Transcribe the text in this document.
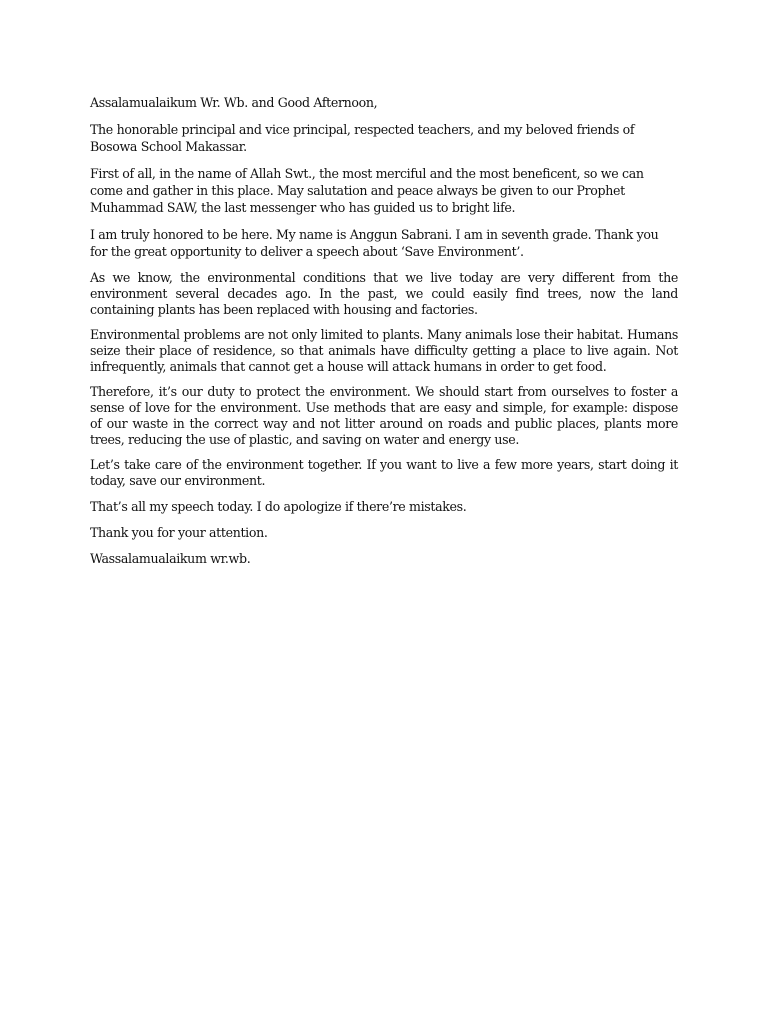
Assalamualaikum Wr. Wb. and Good Afternoon,

The honorable principal and vice principal, respected teachers, and my beloved friends of Bosowa School Makassar.

First of all, in the name of Allah Swt., the most merciful and the most beneficent, so we can come and gather in this place. May salutation and peace always be given to our Prophet Muhammad SAW, the last messenger who has guided us to bright life.

I am truly honored to be here. My name is Anggun Sabrani. I am in seventh grade. Thank you for the great opportunity to deliver a speech about ‘Save Environment’.

As we know, the environmental conditions that we live today are very different from the environment several decades ago. In the past, we could easily find trees, now the land containing plants has been replaced with housing and factories.

Environmental problems are not only limited to plants. Many animals lose their habitat. Humans seize their place of residence, so that animals have difficulty getting a place to live again. Not infrequently, animals that cannot get a house will attack humans in order to get food.

Therefore, it’s our duty to protect the environment. We should start from ourselves to foster a sense of love for the environment. Use methods that are easy and simple, for example: dispose of our waste in the correct way and not litter around on roads and public places, plants more trees, reducing the use of plastic, and saving on water and energy use.

Let’s take care of the environment together. If you want to live a few more years, start doing it today, save our environment.

That’s all my speech today. I do apologize if there’re mistakes.

Thank you for your attention.

Wassalamualaikum wr.wb.
